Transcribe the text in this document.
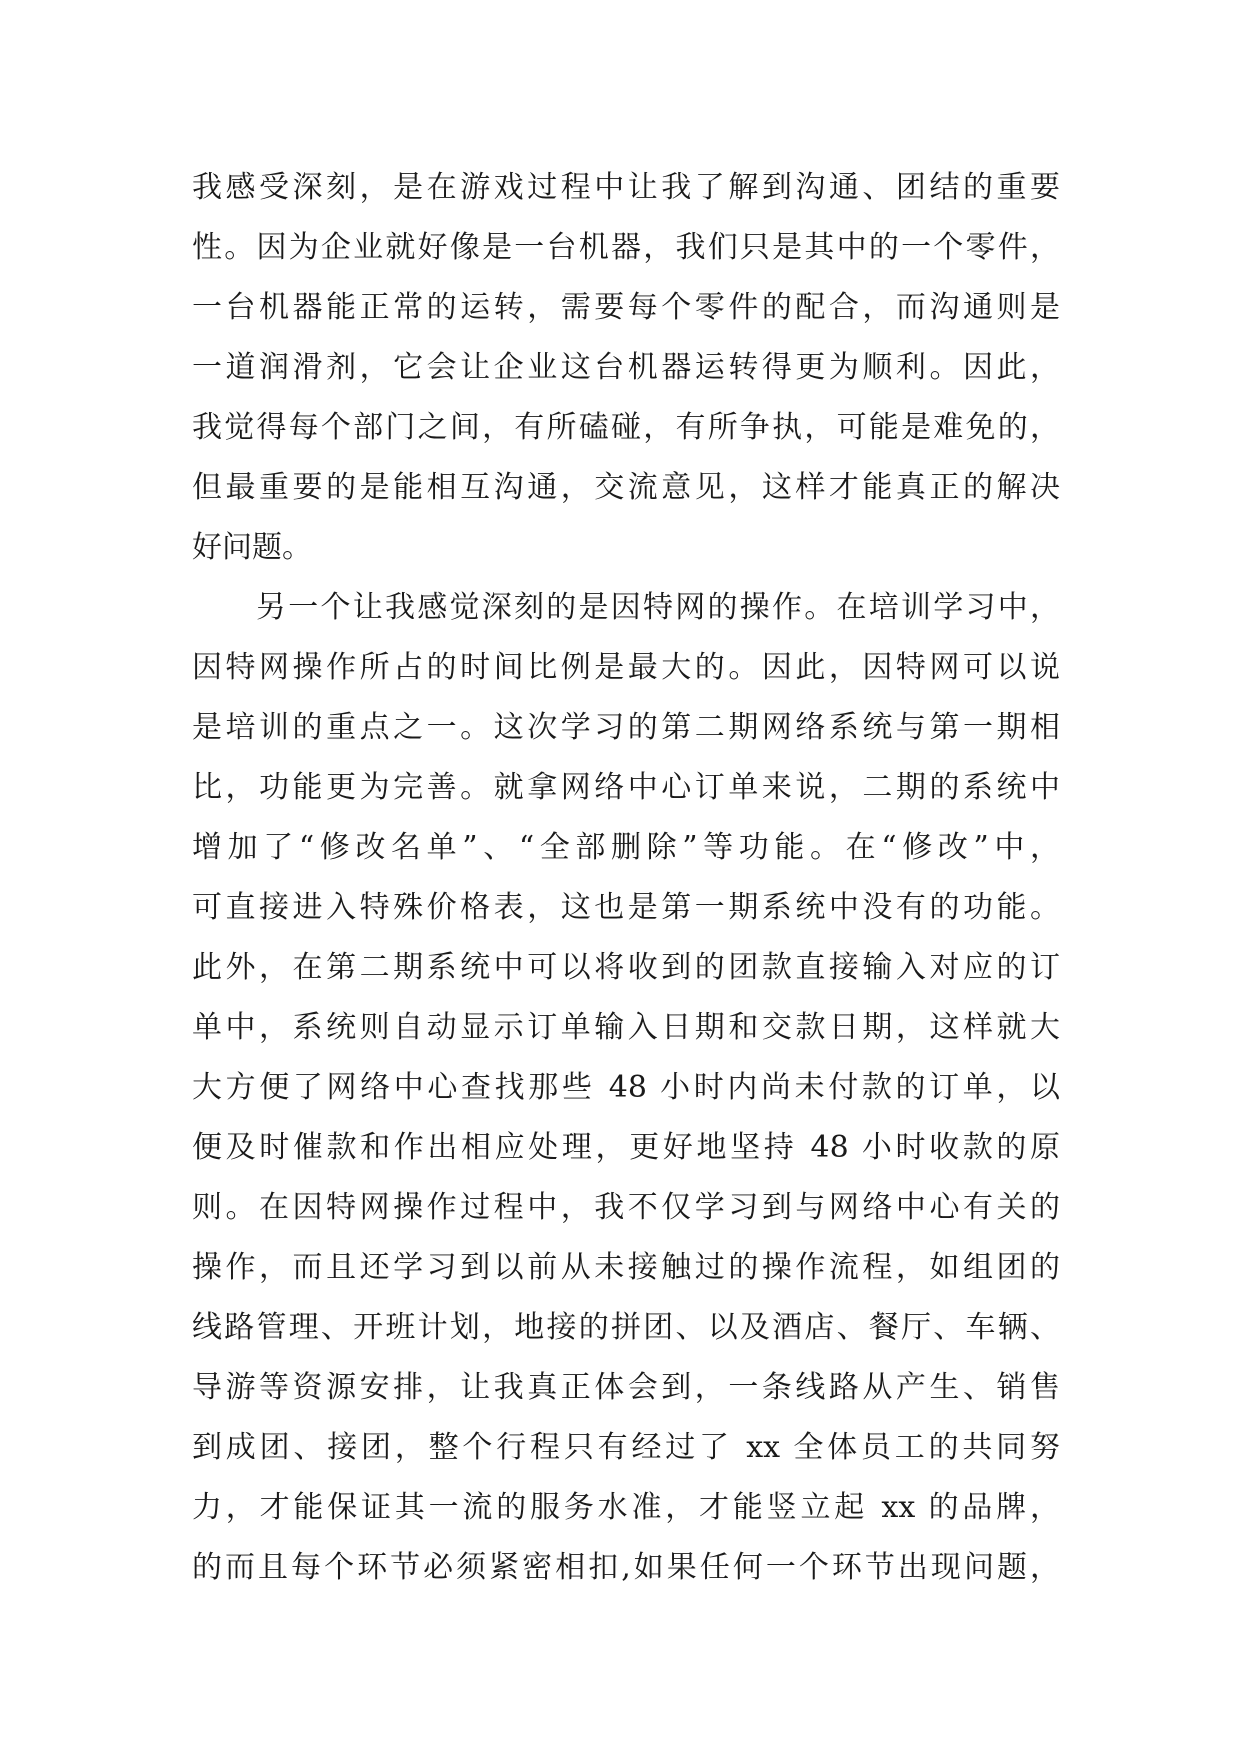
我感受深刻，是在游戏过程中让我了解到沟通、团结的重要
性。因为企业就好像是一台机器，我们只是其中的一个零件，
一台机器能正常的运转，需要每个零件的配合，而沟通则是
一道润滑剂，它会让企业这台机器运转得更为顺利。因此，
我觉得每个部门之间，有所磕碰，有所争执，可能是难免的，
但最重要的是能相互沟通，交流意见，这样才能真正的解决
好问题。
另一个让我感觉深刻的是因特网的操作。在培训学习中，
因特网操作所占的时间比例是最大的。因此，因特网可以说
是培训的重点之一。这次学习的第二期网络系统与第一期相
比，功能更为完善。就拿网络中心订单来说，二期的系统中
增加了“修改名单”、“全部删除”等功能。在“修改”中，
可直接进入特殊价格表，这也是第一期系统中没有的功能。
此外，在第二期系统中可以将收到的团款直接输入对应的订
单中，系统则自动显示订单输入日期和交款日期，这样就大
大方便了网络中心查找那些 48 小时内尚未付款的订单，以
便及时催款和作出相应处理，更好地坚持 48 小时收款的原
则。在因特网操作过程中，我不仅学习到与网络中心有关的
操作，而且还学习到以前从未接触过的操作流程，如组团的
线路管理、开班计划，地接的拼团、以及酒店、餐厅、车辆、
导游等资源安排，让我真正体会到，一条线路从产生、销售
到成团、接团，整个行程只有经过了 xx 全体员工的共同努
力，才能保证其一流的服务水准，才能竖立起 xx 的品牌，
的而且每个环节必须紧密相扣,如果任何一个环节出现问题，
